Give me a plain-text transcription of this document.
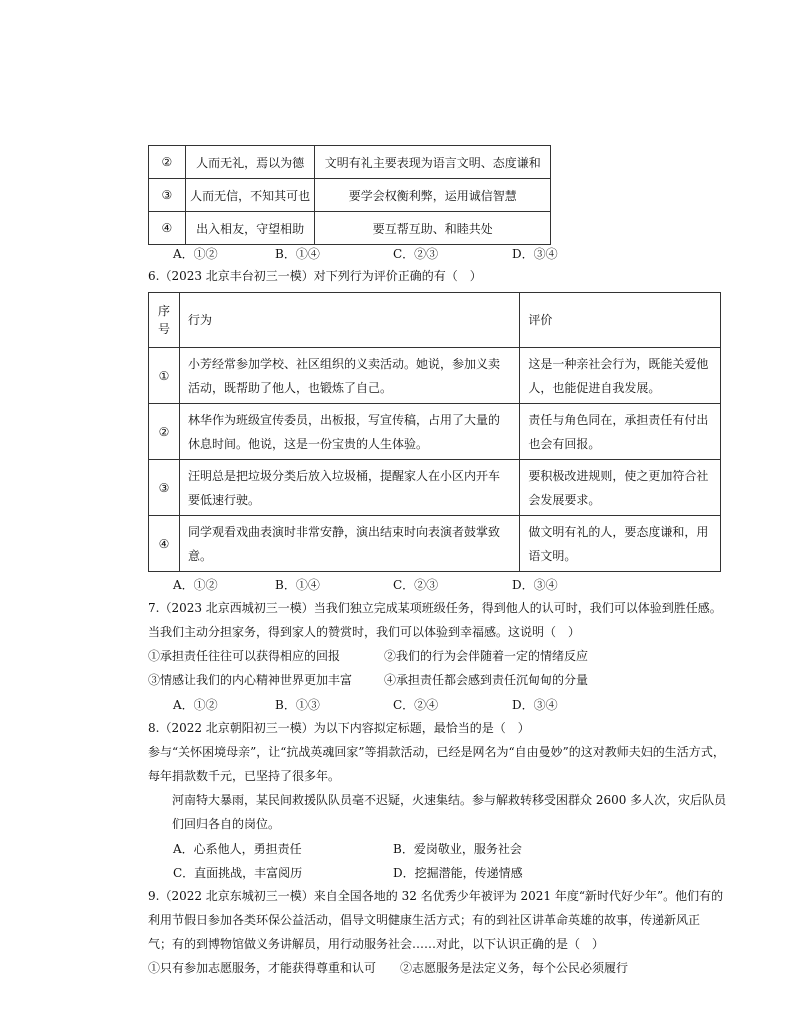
②	人而无礼，焉以为德	文明有礼主要表现为语言文明、态度谦和
③	人而无信，不知其可也	要学会权衡利弊，运用诚信智慧
④	出入相友，守望相助	要互帮互助、和睦共处
A．①②	B．①④	C．②③	D．③④
6.（2023 北京丰台初三一模）对下列行为评价正确的有（　）
序号	行为	评价
①	小芳经常参加学校、社区组织的义卖活动。她说，参加义卖活动，既帮助了他人，也锻炼了自己。	这是一种亲社会行为，既能关爱他人，也能促进自我发展。
②	林华作为班级宣传委员，出板报，写宣传稿，占用了大量的休息时间。他说，这是一份宝贵的人生体验。	责任与角色同在，承担责任有付出也会有回报。
③	汪明总是把垃圾分类后放入垃圾桶，提醒家人在小区内开车要低速行驶。	要积极改进规则，使之更加符合社会发展要求。
④	同学观看戏曲表演时非常安静，演出结束时向表演者鼓掌致意。	做文明有礼的人，要态度谦和，用语文明。
A．①②	B．①④	C．②③	D．③④
7.（2023 北京西城初三一模）当我们独立完成某项班级任务，得到他人的认可时，我们可以体验到胜任感。
当我们主动分担家务，得到家人的赞赏时，我们可以体验到幸福感。这说明（　）
①承担责任往往可以获得相应的回报	②我们的行为会伴随着一定的情绪反应
③情感让我们的内心精神世界更加丰富	④承担责任都会感到责任沉甸甸的分量
A．①②	B．①③	C．②④	D．③④
8.（2022 北京朝阳初三一模）为以下内容拟定标题，最恰当的是（　）
参与“关怀困境母亲”，让“抗战英魂回家”等捐款活动，已经是网名为“自由曼妙”的这对教师夫妇的生活方式，
每年捐款数千元，已坚持了很多年。
河南特大暴雨，某民间救援队队员毫不迟疑，火速集结。参与解救转移受困群众 2600 多人次，灾后队员
们回归各自的岗位。
A．心系他人，勇担责任	B．爱岗敬业，服务社会
C．直面挑战，丰富阅历	D．挖掘潜能，传递情感
9.（2022 北京东城初三一模）来自全国各地的 32 名优秀少年被评为 2021 年度“新时代好少年”。他们有的
利用节假日参加各类环保公益活动，倡导文明健康生活方式；有的到社区讲革命英雄的故事，传递新风正
气；有的到博物馆做义务讲解员，用行动服务社会……对此，以下认识正确的是（　）
①只有参加志愿服务，才能获得尊重和认可 ②志愿服务是法定义务，每个公民必须履行
